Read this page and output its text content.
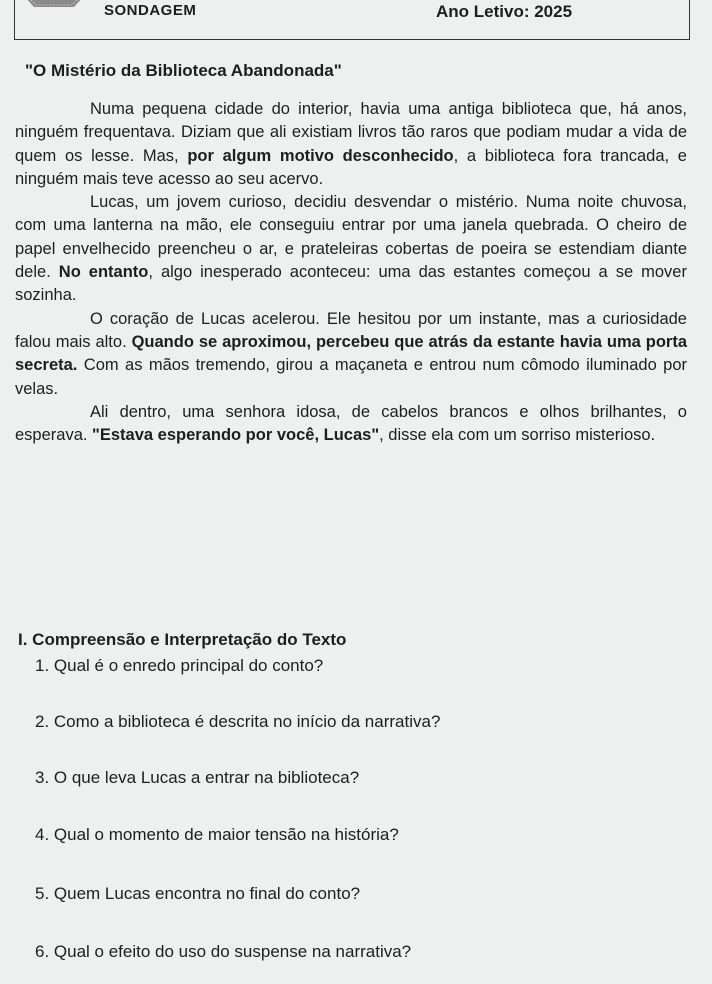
SONDAGEM	Ano Letivo: 2025
"O Mistério da Biblioteca Abandonada"

Numa pequena cidade do interior, havia uma antiga biblioteca que, há anos, ninguém frequentava. Diziam que ali existiam livros tão raros que podiam mudar a vida de quem os lesse. Mas, por algum motivo desconhecido, a biblioteca fora trancada, e ninguém mais teve acesso ao seu acervo.

Lucas, um jovem curioso, decidiu desvendar o mistério. Numa noite chuvosa, com uma lanterna na mão, ele conseguiu entrar por uma janela quebrada. O cheiro de papel envelhecido preencheu o ar, e prateleiras cobertas de poeira se estendiam diante dele. No entanto, algo inesperado aconteceu: uma das estantes começou a se mover sozinha.

O coração de Lucas acelerou. Ele hesitou por um instante, mas a curiosidade falou mais alto. Quando se aproximou, percebeu que atrás da estante havia uma porta secreta. Com as mãos tremendo, girou a maçaneta e entrou num cômodo iluminado por velas.

Ali dentro, uma senhora idosa, de cabelos brancos e olhos brilhantes, o esperava. "Estava esperando por você, Lucas", disse ela com um sorriso misterioso.

I. Compreensão e Interpretação do Texto
1. Qual é o enredo principal do conto?
2. Como a biblioteca é descrita no início da narrativa?
3. O que leva Lucas a entrar na biblioteca?
4. Qual o momento de maior tensão na história?
5. Quem Lucas encontra no final do conto?
6. Qual o efeito do uso do suspense na narrativa?
